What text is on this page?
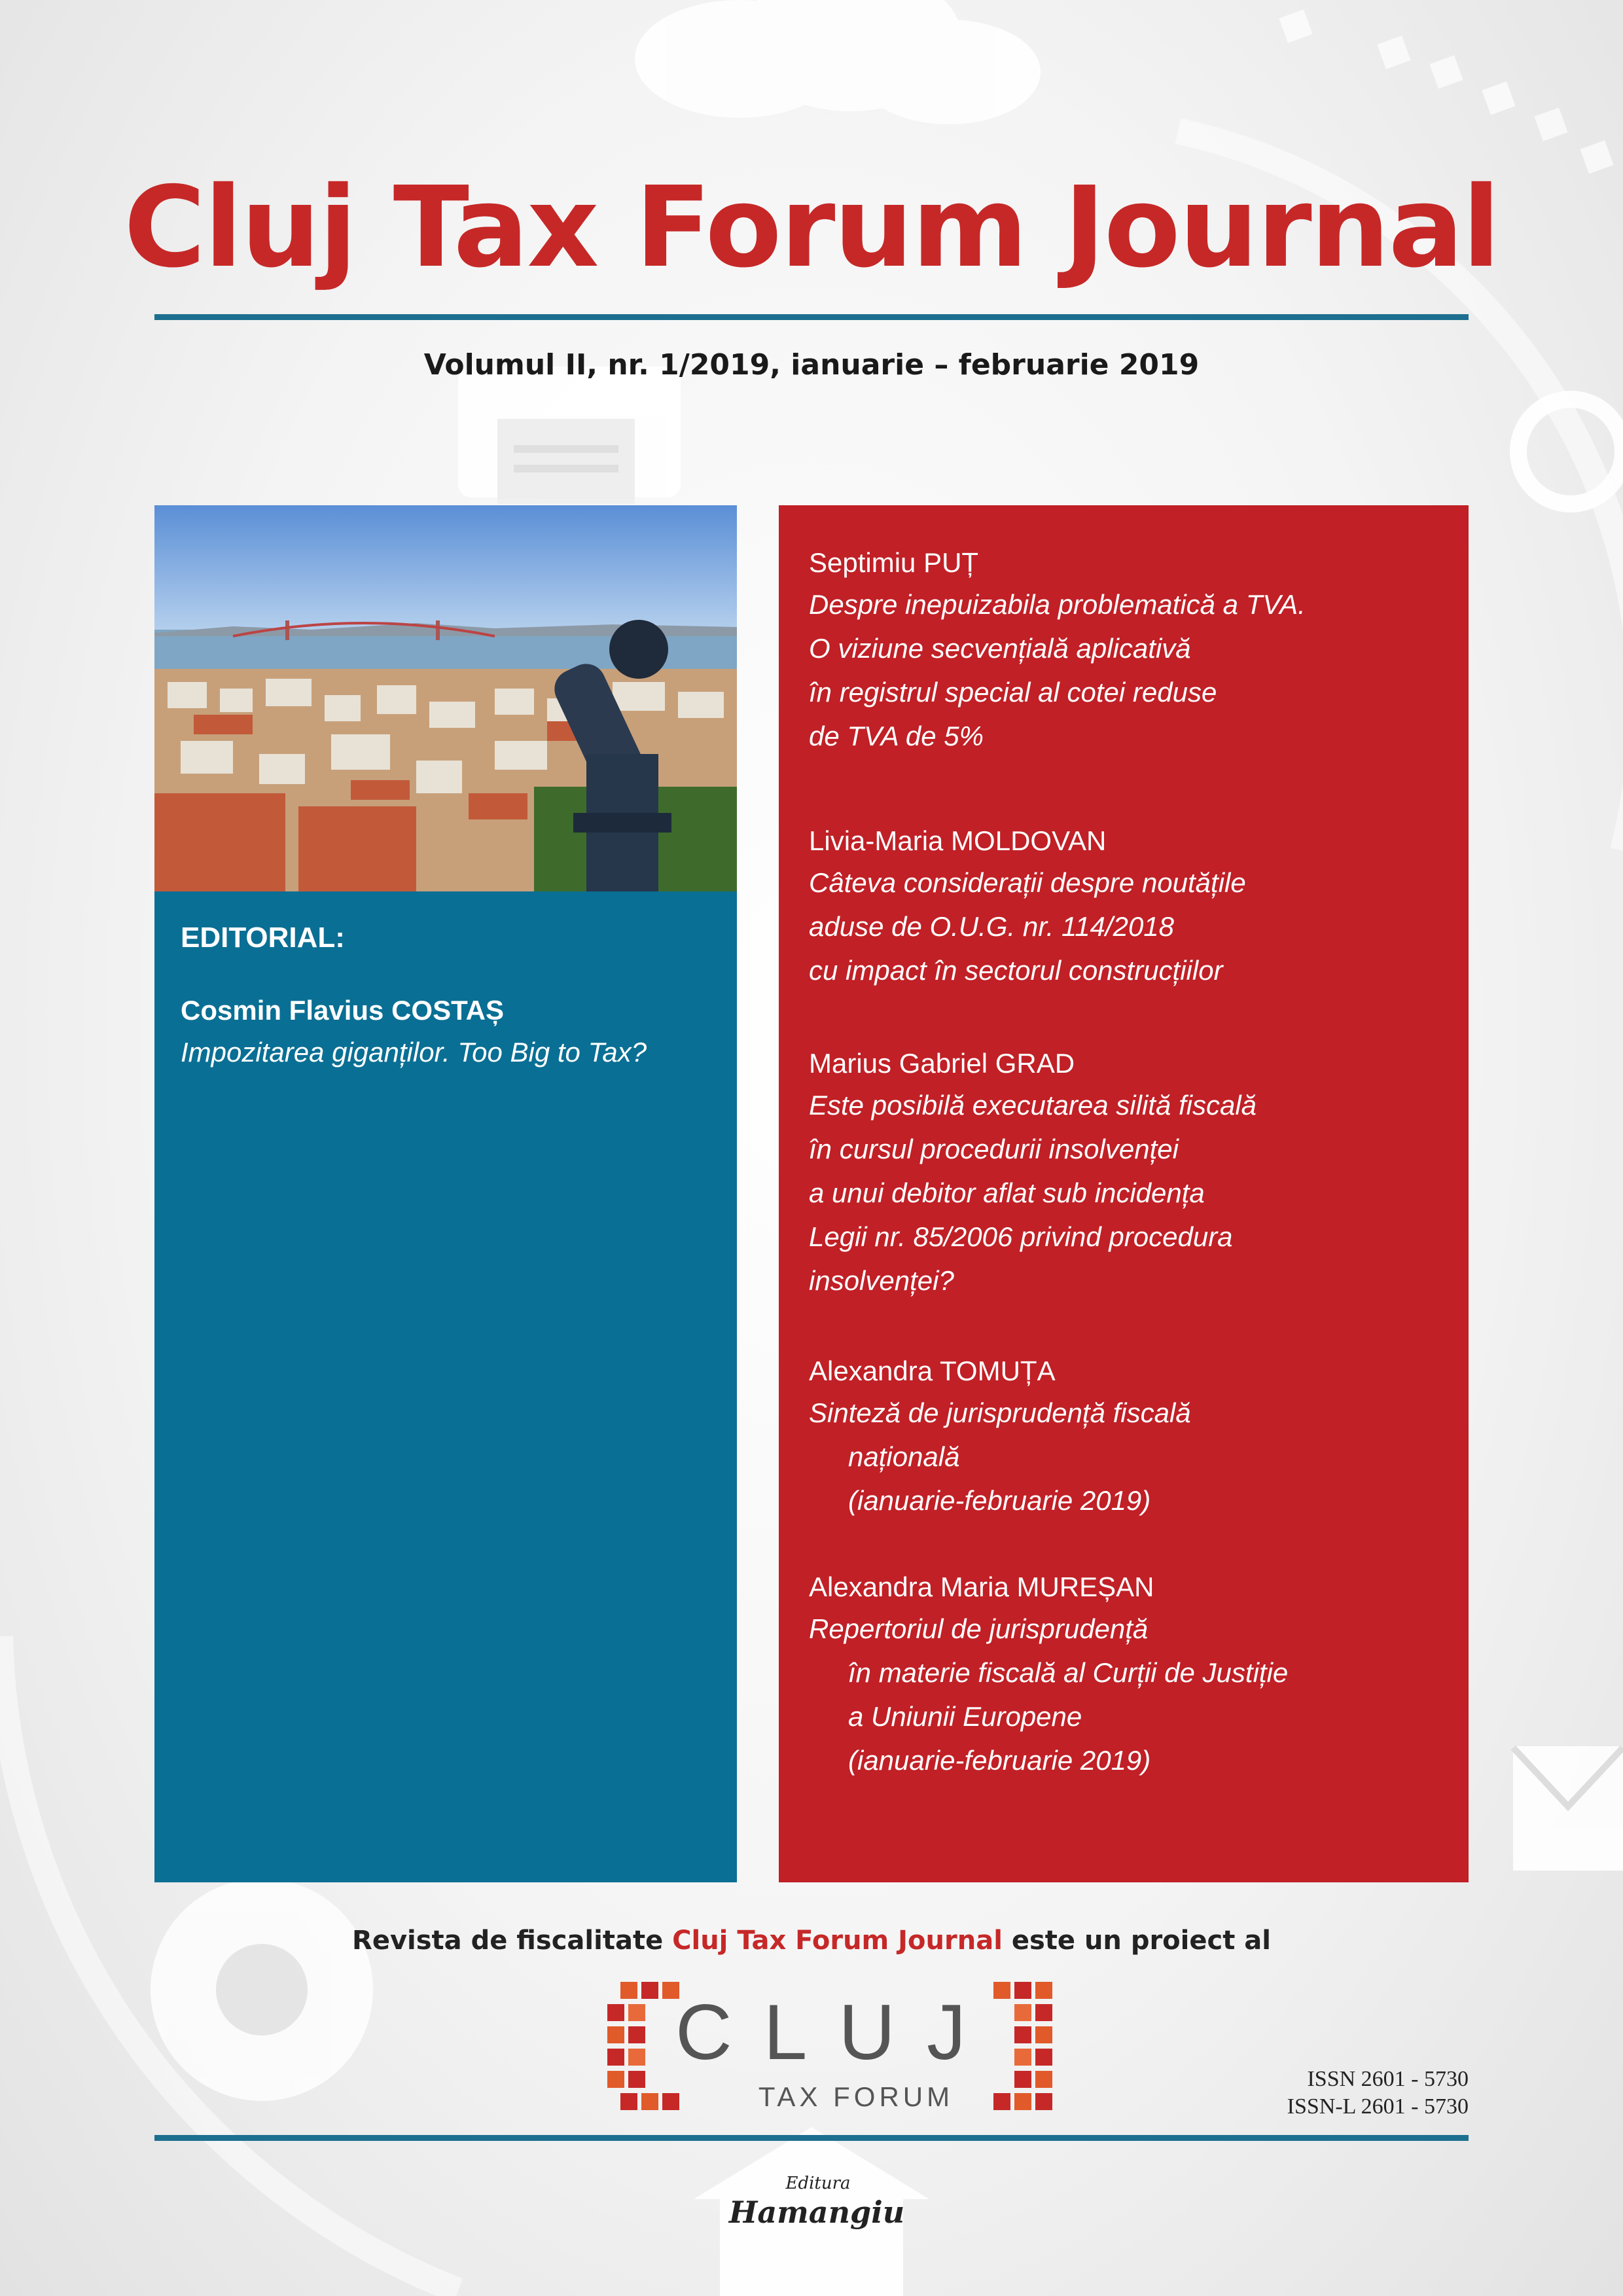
Cluj Tax Forum Journal
Volumul II, nr. 1/2019, ianuarie – februarie 2019
EDITORIAL:
Cosmin Flavius COSTAȘ
Impozitarea giganților. Too Big to Tax?
Septimiu PUȚ
Despre inepuizabila problematică a TVA.
O viziune secvențială aplicativă
în registrul special al cotei reduse
de TVA de 5%
Livia-Maria MOLDOVAN
Câteva considerații despre noutățile
aduse de O.U.G. nr. 114/2018
cu impact în sectorul construcțiilor
Marius Gabriel GRAD
Este posibilă executarea silită fiscală
în cursul procedurii insolvenței
a unui debitor aflat sub incidența
Legii nr. 85/2006 privind procedura
insolvenței?
Alexandra TOMUȚA
Sinteză de jurisprudență fiscală
națională
(ianuarie-februarie 2019)
Alexandra Maria MUREȘAN
Repertoriul de jurisprudență
în materie fiscală al Curții de Justiție
a Uniunii Europene
(ianuarie-februarie 2019)
Revista de fiscalitate Cluj Tax Forum Journal este un proiect al
CLUJ
TAX FORUM
ISSN 2601 - 5730
ISSN-L 2601 - 5730
Editura
Hamangiu
